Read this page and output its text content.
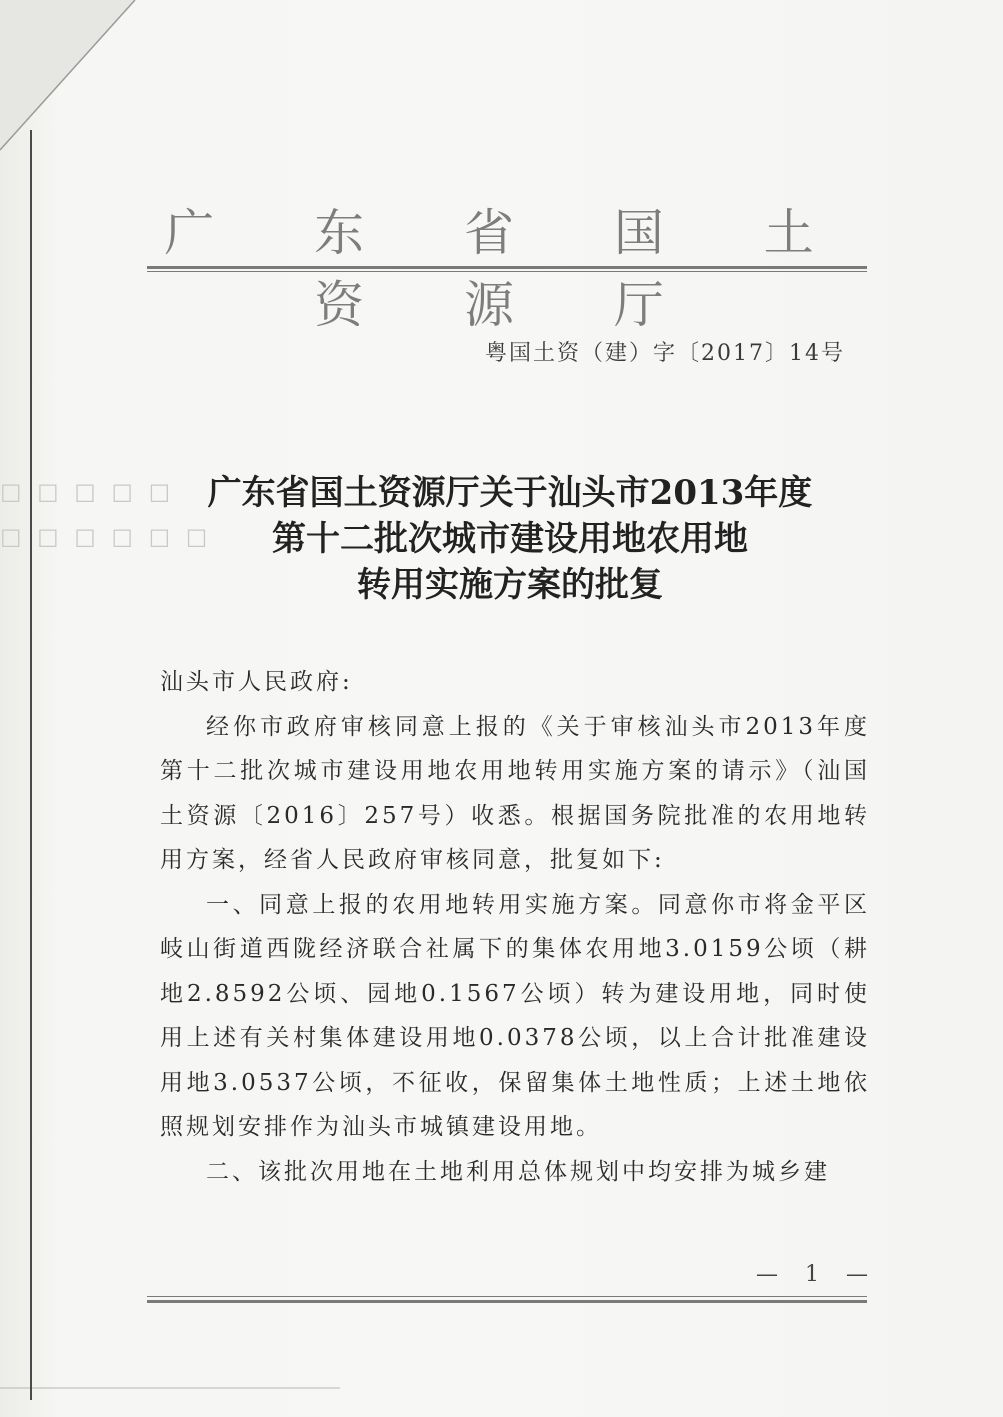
☐ ☐ ☐ ☐ ☐
☐ ☐ ☐ ☐ ☐ ☐
广 东 省 国 土 资 源 厅
粤国土资（建）字〔2017〕14号
广东省国土资源厅关于汕头市2013年度
第十二批次城市建设用地农用地
转用实施方案的批复

汕头市人民政府:

经你市政府审核同意上报的《关于审核汕头市2013年度第十二批次城市建设用地农用地转用实施方案的请示》（汕国土资源〔2016〕257号）收悉。根据国务院批准的农用地转用方案，经省人民政府审核同意，批复如下:

一、同意上报的农用地转用实施方案。同意你市将金平区岐山街道西陇经济联合社属下的集体农用地3.0159公顷（耕地2.8592公顷、园地0.1567公顷）转为建设用地，同时使用上述有关村集体建设用地0.0378公顷，以上合计批准建设用地3.0537公顷，不征收，保留集体土地性质；上述土地依照规划安排作为汕头市城镇建设用地。

二、该批次用地在土地利用总体规划中均安排为城乡建

— 1 —
